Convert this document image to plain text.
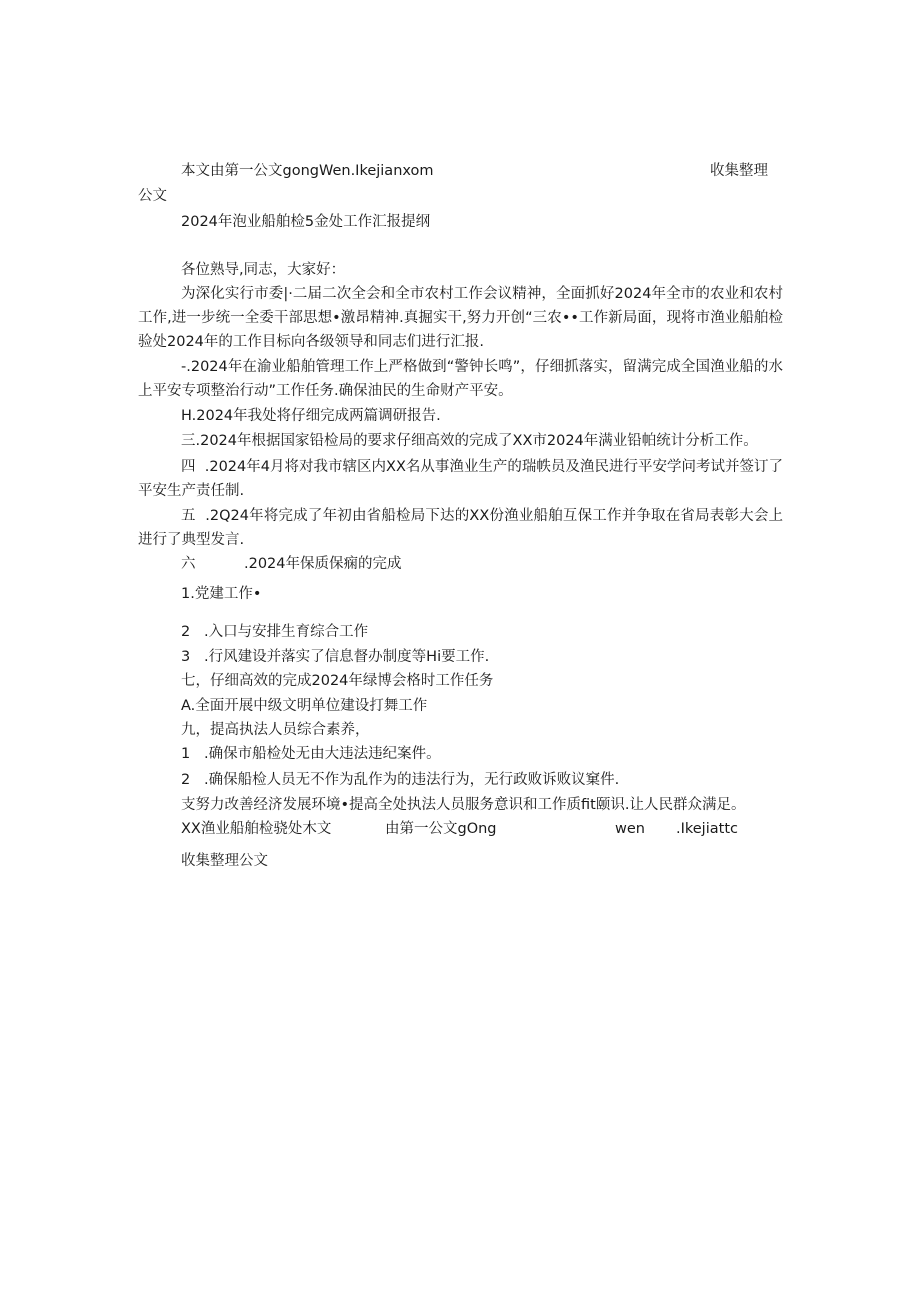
本文由第一公文gongWen.Ikejianxom	收集整理
公文
2024年泡业船舶检5金处工作汇报提纲
各位熟导,同志，大家好：
为深化实行市委|·二届二次全会和全市农村工作会议精神，全面抓好2024年全市的农业和农村工作,进一步统一全委干部思想•激昂精神.真掘实干,努力开创“三农••工作新局面，现将市渔业船舶检验处2024年的工作目标向各级领导和同志们进行汇报.
-.2024年在渝业船舶管理工作上严格做到“警钟长鸣”，仔细抓落实，留满完成全国渔业船的水上平安专项整治行动”工作任务.确保油民的生命财产平安。
H.2024年我处将仔细完成两篇调研报告.
三.2024年根据国家铅检局的要求仔细高效的完成了XX市2024年满业铅帕统计分析工作。
四  .2024年4月将对我市辖区内XX名从事渔业生产的瑞帙员及渔民进行平安学问考试并签订了平安生产责任制.
五  .2Q24年将完成了年初由省船检局下达的XX份渔业船舶互保工作并争取在省局表彰大会上进行了典型发言.
六	.2024年保质保痫的完成
1.党建工作•
2   .入口与安排生育综合工作
3   .行风建设并落实了信息督办制度等Hi要工作.
七，仔细高效的完成2024年绿博会格时工作任务
A.全面开展中级文明单位建设打舞工作
九，提高执法人员综合素养，
1   .确保市船检处无由大违法违纪案件。
2   .确保船检人员无不作为乱作为的违法行为，无行政败诉败议窠件.
支努力改善经济发展环境•提高全处执法人员服务意识和工作质fit颐识.让人民群众满足。
XX渔业船舶检骁处木文	由第一公文gOng	wen .Ikejiattc
收集整理公文
